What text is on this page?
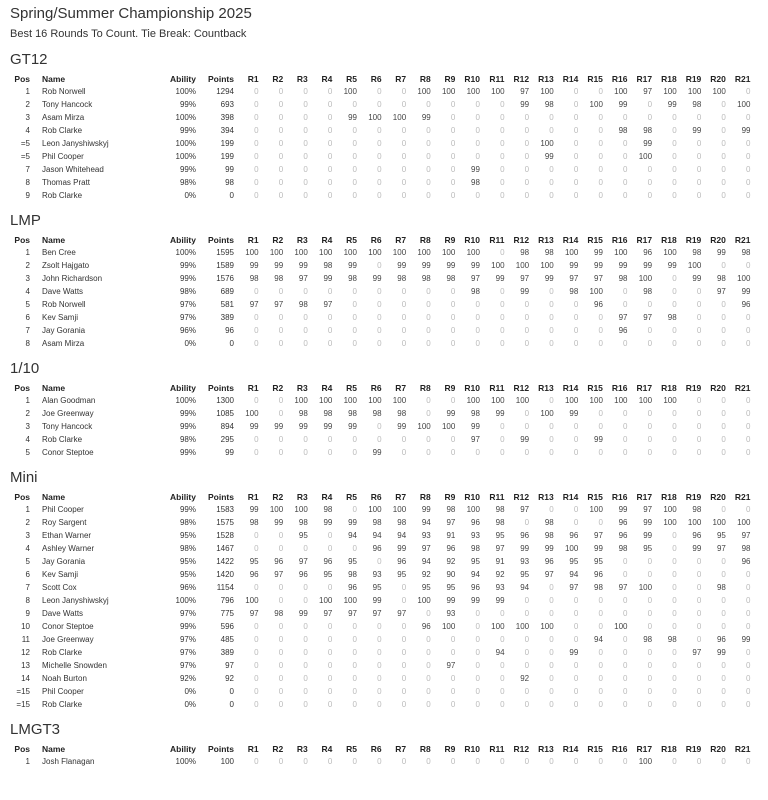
Spring/Summer Championship 2025
Best 16 Rounds To Count. Tie Break: Countback
GT12
Pos	Name	Ability	Points	R1	R2	R3	R4	R5	R6	R7	R8	R9	R10	R11	R12	R13	R14	R15	R16	R17	R18	R19	R20	R21
1	Rob Norwell	100%	1294	0	0	0	0	100	0	0	100	100	100	100	97	100	0	0	100	97	100	100	100	0
2	Tony Hancock	99%	693	0	0	0	0	0	0	0	0	0	0	0	99	98	0	100	99	0	99	98	0	100
3	Asam Mirza	100%	398	0	0	0	0	99	100	100	99	0	0	0	0	0	0	0	0	0	0	0	0	0
4	Rob Clarke	99%	394	0	0	0	0	0	0	0	0	0	0	0	0	0	0	0	98	98	0	99	0	99
=5	Leon Janyshiwskyj	100%	199	0	0	0	0	0	0	0	0	0	0	0	0	100	0	0	0	99	0	0	0	0
=5	Phil Cooper	100%	199	0	0	0	0	0	0	0	0	0	0	0	0	99	0	0	0	100	0	0	0	0
7	Jason Whitehead	99%	99	0	0	0	0	0	0	0	0	0	99	0	0	0	0	0	0	0	0	0	0	0
8	Thomas Pratt	98%	98	0	0	0	0	0	0	0	0	0	98	0	0	0	0	0	0	0	0	0	0	0
9	Rob Clarke	0%	0	0	0	0	0	0	0	0	0	0	0	0	0	0	0	0	0	0	0	0	0	0
LMP
Pos	Name	Ability	Points	R1	R2	R3	R4	R5	R6	R7	R8	R9	R10	R11	R12	R13	R14	R15	R16	R17	R18	R19	R20	R21
1	Ben Cree	100%	1595	100	100	100	100	100	100	100	100	100	100	0	98	98	100	99	100	96	100	98	99	98
2	Zsolt Hajgato	99%	1589	99	99	99	98	99	0	99	99	99	99	100	100	100	99	99	99	99	99	100	0	0
3	John Richardson	99%	1576	98	98	97	99	98	99	98	98	98	97	99	97	99	97	97	98	100	0	99	98	100
4	Dave Watts	98%	689	0	0	0	0	0	0	0	0	0	98	0	99	0	98	100	0	98	0	0	97	99
5	Rob Norwell	97%	581	97	97	98	97	0	0	0	0	0	0	0	0	0	0	96	0	0	0	0	0	96
6	Kev Samji	97%	389	0	0	0	0	0	0	0	0	0	0	0	0	0	0	0	97	97	98	0	0	0
7	Jay Gorania	96%	96	0	0	0	0	0	0	0	0	0	0	0	0	0	0	0	96	0	0	0	0	0
8	Asam Mirza	0%	0	0	0	0	0	0	0	0	0	0	0	0	0	0	0	0	0	0	0	0	0	0
1/10
Pos	Name	Ability	Points	R1	R2	R3	R4	R5	R6	R7	R8	R9	R10	R11	R12	R13	R14	R15	R16	R17	R18	R19	R20	R21
1	Alan Goodman	100%	1300	0	0	100	100	100	100	100	0	0	100	100	100	0	100	100	100	100	100	0	0	0
2	Joe Greenway	99%	1085	100	0	98	98	98	98	98	0	99	98	99	0	100	99	0	0	0	0	0	0	0
3	Tony Hancock	99%	894	99	99	99	99	99	0	99	100	100	99	0	0	0	0	0	0	0	0	0	0	0
4	Rob Clarke	98%	295	0	0	0	0	0	0	0	0	0	97	0	99	0	0	99	0	0	0	0	0	0
5	Conor Steptoe	99%	99	0	0	0	0	0	99	0	0	0	0	0	0	0	0	0	0	0	0	0	0	0
Mini
Pos	Name	Ability	Points	R1	R2	R3	R4	R5	R6	R7	R8	R9	R10	R11	R12	R13	R14	R15	R16	R17	R18	R19	R20	R21
1	Phil Cooper	99%	1583	99	100	100	98	0	100	100	99	98	100	98	97	0	0	100	99	97	100	98	0	0
2	Roy Sargent	98%	1575	98	99	98	99	99	98	98	94	97	96	98	0	98	0	0	96	99	100	100	100	100
3	Ethan Warner	95%	1528	0	0	95	0	94	94	94	93	91	93	95	96	98	96	97	96	99	0	96	95	97
4	Ashley Warner	98%	1467	0	0	0	0	0	96	99	97	96	98	97	99	99	100	99	98	95	0	99	97	98
5	Jay Gorania	95%	1422	95	96	97	96	95	0	96	94	92	95	91	93	96	95	95	0	0	0	0	0	96
6	Kev Samji	95%	1420	96	97	96	95	98	93	95	92	90	94	92	95	97	94	96	0	0	0	0	0	0
7	Scott Cox	96%	1154	0	0	0	0	96	95	0	95	95	96	93	94	0	97	98	97	100	0	0	98	0
8	Leon Janyshiwskyj	100%	796	100	0	0	100	100	99	0	100	99	99	99	0	0	0	0	0	0	0	0	0	0
9	Dave Watts	97%	775	97	98	99	97	97	97	97	0	93	0	0	0	0	0	0	0	0	0	0	0	0
10	Conor Steptoe	99%	596	0	0	0	0	0	0	0	96	100	0	100	100	100	0	0	100	0	0	0	0	0
11	Joe Greenway	97%	485	0	0	0	0	0	0	0	0	0	0	0	0	0	0	94	0	98	98	0	96	99
12	Rob Clarke	97%	389	0	0	0	0	0	0	0	0	0	0	94	0	0	99	0	0	0	0	97	99	0
13	Michelle Snowden	97%	97	0	0	0	0	0	0	0	0	97	0	0	0	0	0	0	0	0	0	0	0	0
14	Noah Burton	92%	92	0	0	0	0	0	0	0	0	0	0	0	92	0	0	0	0	0	0	0	0	0
=15	Phil Cooper	0%	0	0	0	0	0	0	0	0	0	0	0	0	0	0	0	0	0	0	0	0	0	0
=15	Rob Clarke	0%	0	0	0	0	0	0	0	0	0	0	0	0	0	0	0	0	0	0	0	0	0	0
LMGT3
Pos	Name	Ability	Points	R1	R2	R3	R4	R5	R6	R7	R8	R9	R10	R11	R12	R13	R14	R15	R16	R17	R18	R19	R20	R21
1	Josh Flanagan	100%	100	0	0	0	0	0	0	0	0	0	0	0	0	0	0	0	0	100	0	0	0	0
